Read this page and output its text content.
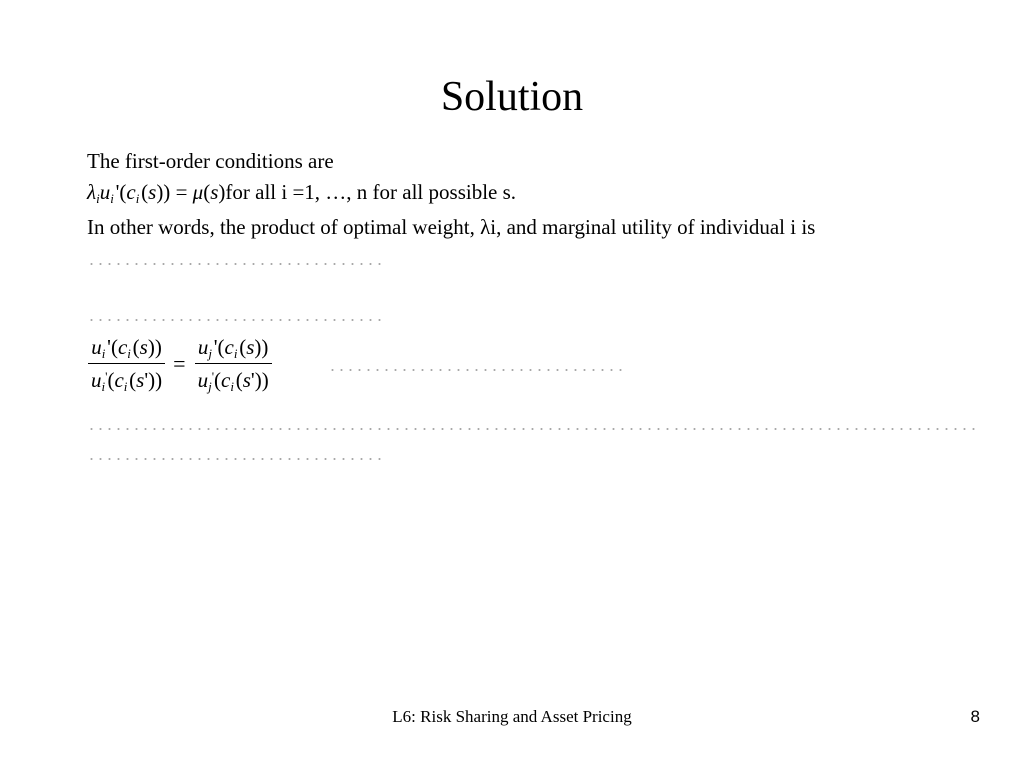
Solution
The first-order conditions are
$\lambda_iu_i$ '($c_i$ (s)) = μ(s)for all i =1, …, n for all possible s.
In other words, the product of optimal weight, λi, and marginal utility of individual i is
$\frac{u_i '(c_i (s))}{u_i'(c_i (s'))} = \frac{u_j '(c_i (s))}{u_j'(c_i (s'))}$
L6: Risk Sharing and Asset Pricing	8
